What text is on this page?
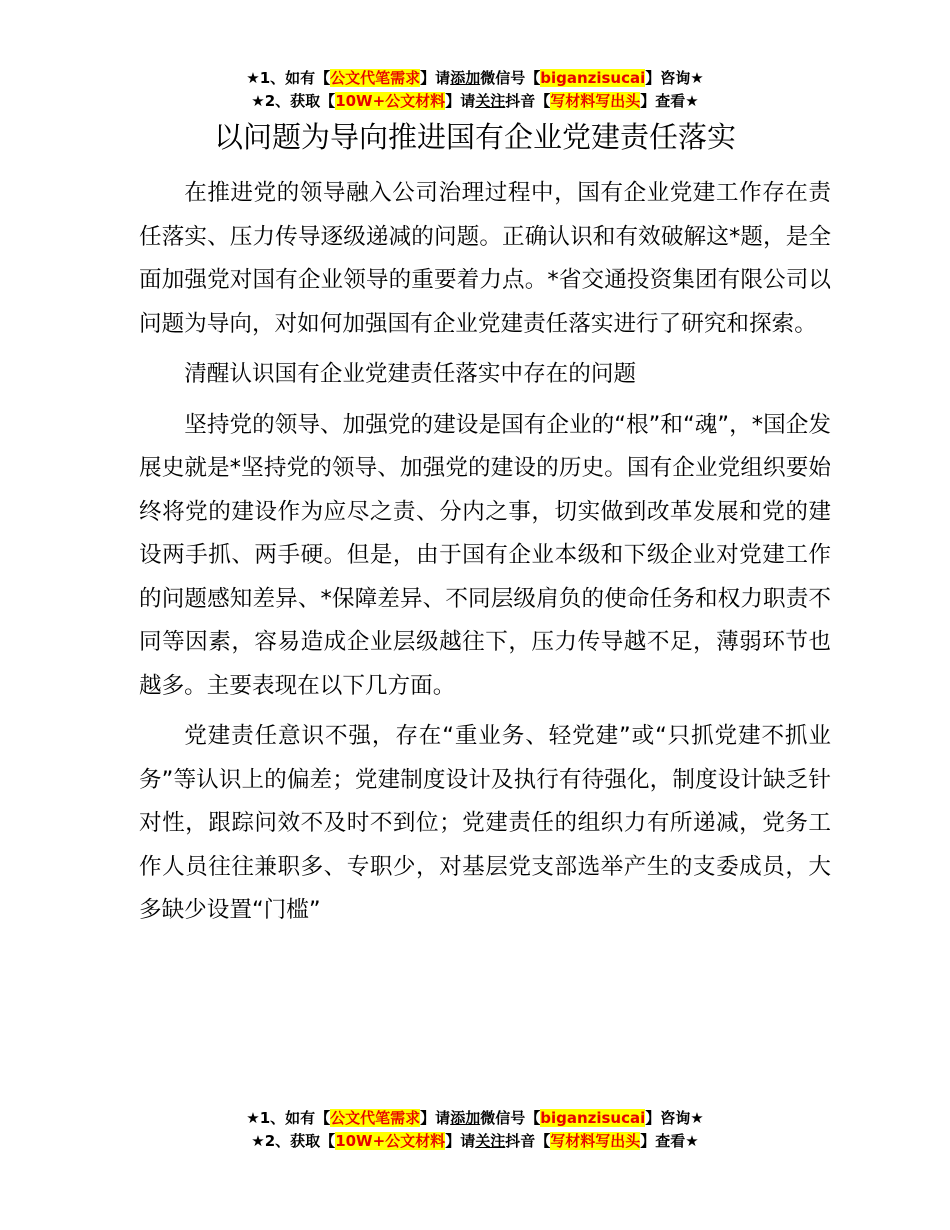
★1、如有【公文代笔需求】请添加微信号【biganzisucai】咨询★
★2、获取【10W+公文材料】请关注抖音【写材料写出头】查看★
以问题为导向推进国有企业党建责任落实

在推进党的领导融入公司治理过程中，国有企业党建工作存在责任落实、压力传导逐级递减的问题。正确认识和有效破解这*题，是全面加强党对国有企业领导的重要着力点。*省交通投资集团有限公司以问题为导向，对如何加强国有企业党建责任落实进行了研究和探索。

清醒认识国有企业党建责任落实中存在的问题

坚持党的领导、加强党的建设是国有企业的“根”和“魂”，*国企发展史就是*坚持党的领导、加强党的建设的历史。国有企业党组织要始终将党的建设作为应尽之责、分内之事，切实做到改革发展和党的建设两手抓、两手硬。但是，由于国有企业本级和下级企业对党建工作的问题感知差异、*保障差异、不同层级肩负的使命任务和权力职责不同等因素，容易造成企业层级越往下，压力传导越不足，薄弱环节也越多。主要表现在以下几方面。

党建责任意识不强，存在“重业务、轻党建”或“只抓党建不抓业务”等认识上的偏差；党建制度设计及执行有待强化，制度设计缺乏针对性，跟踪问效不及时不到位；党建责任的组织力有所递减，党务工作人员往往兼职多、专职少，对基层党支部选举产生的支委成员，大多缺少设置“门槛”

★1、如有【公文代笔需求】请添加微信号【biganzisucai】咨询★
★2、获取【10W+公文材料】请关注抖音【写材料写出头】查看★
